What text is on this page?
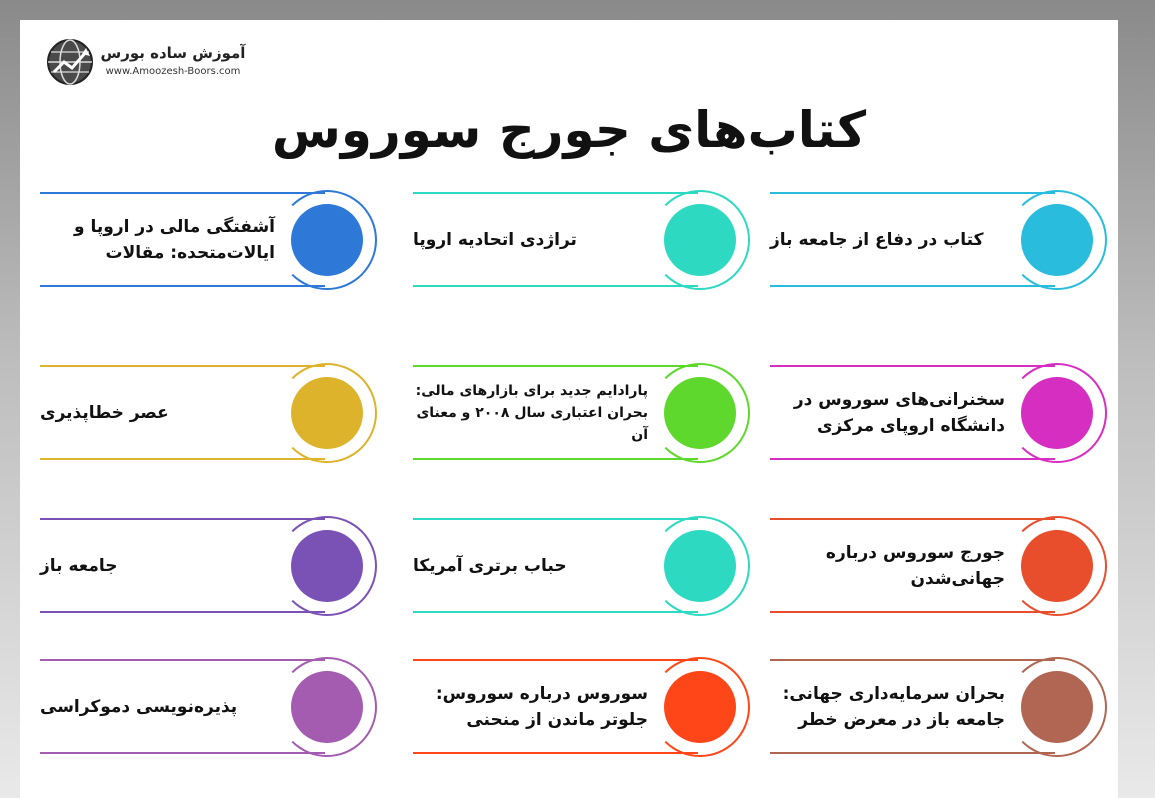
آموزش ساده بورس
www.Amoozesh-Boors.com
کتاب‌های جورج سوروس
کتاب در دفاع از جامعه باز
تراژدی اتحادیه اروپا
آشفتگی مالی در اروپا و ایالات‌متحده: مقالات
سخنرانی‌های سوروس در دانشگاه اروپای مرکزی
پارادایم جدید برای بازارهای مالی: بحران اعتباری سال ۲۰۰۸ و معنای آن
عصر خطاپذیری
جورج سوروس درباره جهانی‌شدن
حباب برتری آمریکا
جامعه باز
بحران سرمایه‌داری جهانی: جامعه باز در معرض خطر
سوروس درباره سوروس: جلوتر ماندن از منحنی
پذیره‌نویسی دموکراسی
